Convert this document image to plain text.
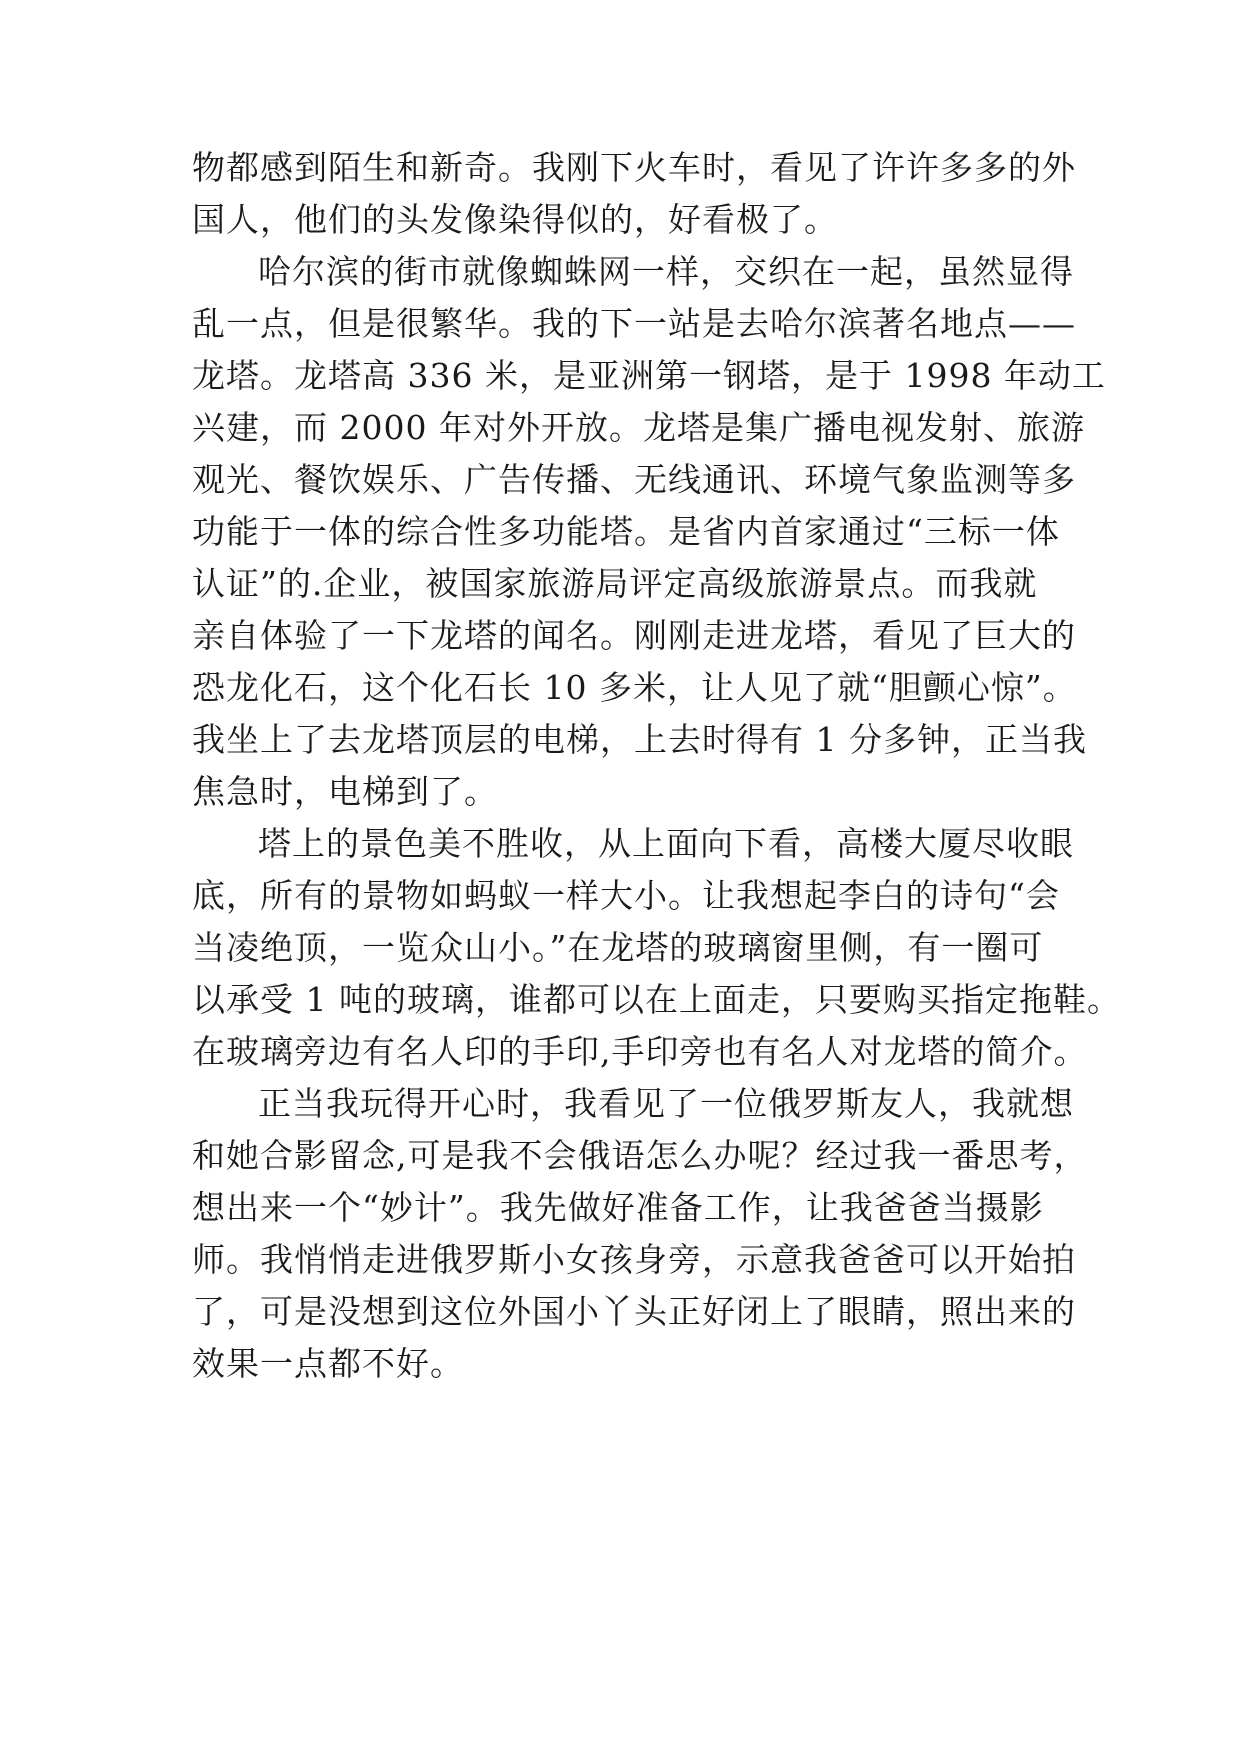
物都感到陌生和新奇。我刚下火车时，看见了许许多多的外
国人，他们的头发像染得似的，好看极了。
哈尔滨的街市就像蜘蛛网一样，交织在一起，虽然显得
乱一点，但是很繁华。我的下一站是去哈尔滨著名地点——
龙塔。龙塔高 336 米，是亚洲第一钢塔，是于 1998 年动工
兴建，而 2000 年对外开放。龙塔是集广播电视发射、旅游
观光、餐饮娱乐、广告传播、无线通讯、环境气象监测等多
功能于一体的综合性多功能塔。是省内首家通过“三标一体
认证”的.企业，被国家旅游局评定高级旅游景点。而我就
亲自体验了一下龙塔的闻名。刚刚走进龙塔，看见了巨大的
恐龙化石，这个化石长 10 多米，让人见了就“胆颤心惊”。
我坐上了去龙塔顶层的电梯，上去时得有 1 分多钟，正当我
焦急时，电梯到了。
塔上的景色美不胜收，从上面向下看，高楼大厦尽收眼
底，所有的景物如蚂蚁一样大小。让我想起李白的诗句“会
当凌绝顶，一览众山小。”在龙塔的玻璃窗里侧，有一圈可
以承受 1 吨的玻璃，谁都可以在上面走，只要购买指定拖鞋。
在玻璃旁边有名人印的手印,手印旁也有名人对龙塔的简介。
正当我玩得开心时，我看见了一位俄罗斯友人，我就想
和她合影留念,可是我不会俄语怎么办呢？经过我一番思考，
想出来一个“妙计”。我先做好准备工作，让我爸爸当摄影
师。我悄悄走进俄罗斯小女孩身旁，示意我爸爸可以开始拍
了，可是没想到这位外国小丫头正好闭上了眼睛，照出来的
效果一点都不好。
